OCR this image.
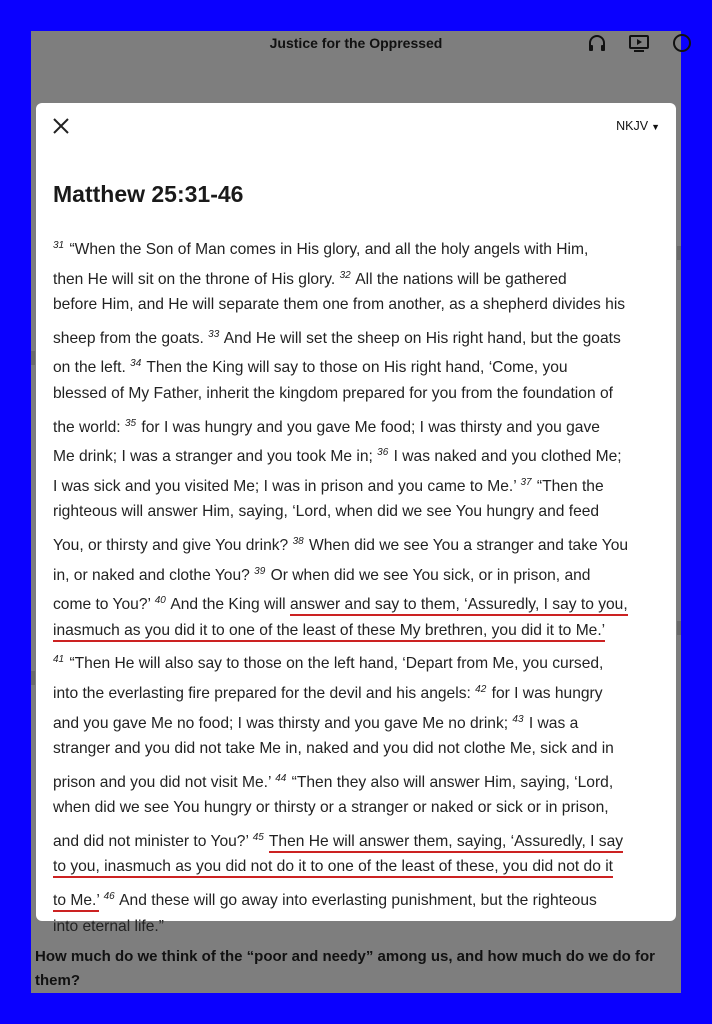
Justice for the Oppressed
NKJV ▼
Matthew 25:31-46
$^{31}$ “When the Son of Man comes in His glory, and all the holy angels with Him,
then He will sit on the throne of His glory. $^{32}$ All the nations will be gathered
before Him, and He will separate them one from another, as a shepherd divides his
sheep from the goats. $^{33}$ And He will set the sheep on His right hand, but the goats
on the left. $^{34}$ Then the King will say to those on His right hand, ‘Come, you
blessed of My Father, inherit the kingdom prepared for you from the foundation of
the world: $^{35}$ for I was hungry and you gave Me food; I was thirsty and you gave
Me drink; I was a stranger and you took Me in; $^{36}$ I was naked and you clothed Me;
I was sick and you visited Me; I was in prison and you came to Me.’ $^{37}$ “Then the
righteous will answer Him, saying, ‘Lord, when did we see You hungry and feed
You, or thirsty and give You drink? $^{38}$ When did we see You a stranger and take You
in, or naked and clothe You? $^{39}$ Or when did we see You sick, or in prison, and
come to You?’ $^{40}$ And the King will answer and say to them, ‘Assuredly, I say to you,
inasmuch as you did it to one of the least of these My brethren, you did it to Me.’
$^{41}$ “Then He will also say to those on the left hand, ‘Depart from Me, you cursed,
into the everlasting fire prepared for the devil and his angels: $^{42}$ for I was hungry
and you gave Me no food; I was thirsty and you gave Me no drink; $^{43}$ I was a
stranger and you did not take Me in, naked and you did not clothe Me, sick and in
prison and you did not visit Me.’ $^{44}$ “Then they also will answer Him, saying, ‘Lord,
when did we see You hungry or thirsty or a stranger or naked or sick or in prison,
and did not minister to You?’ $^{45}$ Then He will answer them, saying, ‘Assuredly, I say
to you, inasmuch as you did not do it to one of the least of these, you did not do it
to Me.’ $^{46}$ And these will go away into everlasting punishment, but the righteous
into eternal life.”
How much do we think of the “poor and needy” among us, and how much do we do for them?
